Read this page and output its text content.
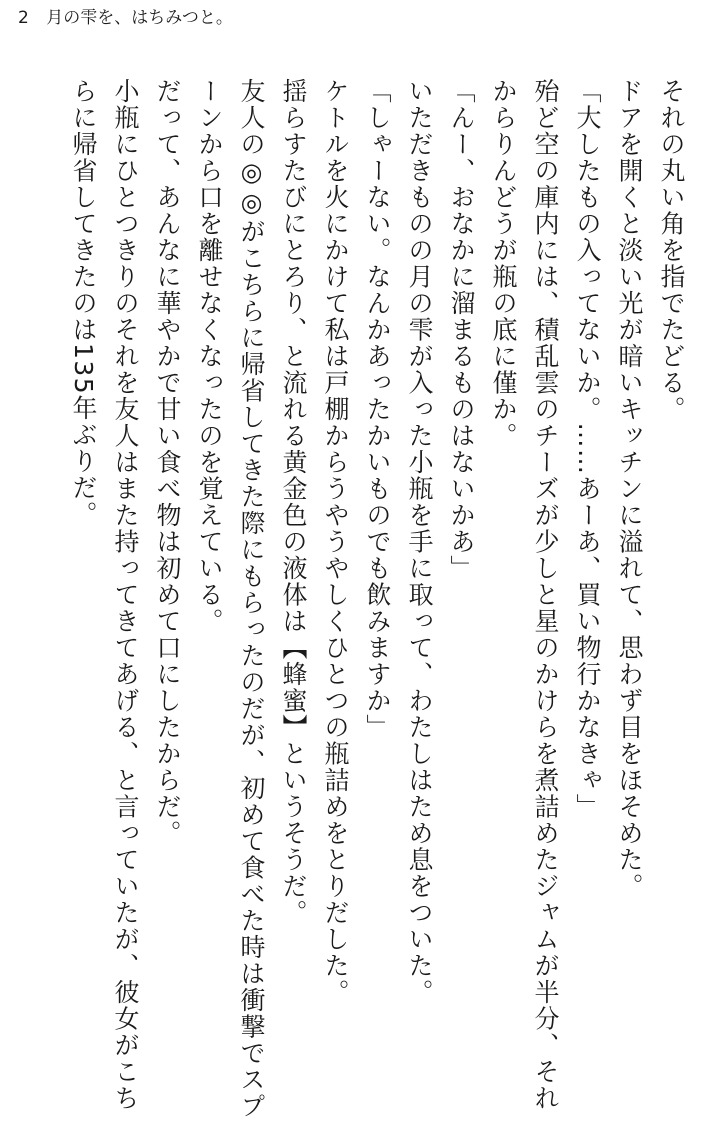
2 月の雫を、はちみつと。

それの丸い角を指でたどる。

ドアを開くと淡い光が暗いキッチンに溢れて、思わず目をほそめた。

「大したもの入ってないか。……あーあ、買い物行かなきゃ」

殆ど空の庫内には、積乱雲のチーズが少しと星のかけらを煮詰めたジャムが半分、それからりんどうが瓶の底に僅か。

「んー、おなかに溜まるものはないかあ」

いただきものの月の雫が入った小瓶を手に取って、わたしはため息をついた。

「しゃーない。なんかあったかいものでも飲みますか」

ケトルを火にかけて私は戸棚からうやうやしくひとつの瓶詰めをとりだした。

揺らすたびにとろり、と流れる黄金色の液体は【蜂蜜】というそうだ。

友人の◎◎がこちらに帰省してきた際にもらったのだが、初めて食べた時は衝撃でスプーンから口を離せなくなったのを覚えている。

だって、あんなに華やかで甘い食べ物は初めて口にしたからだ。

小瓶にひとつきりのそれを友人はまた持ってきてあげる、と言っていたが、彼女がこちらに帰省してきたのは135年ぶりだ。
